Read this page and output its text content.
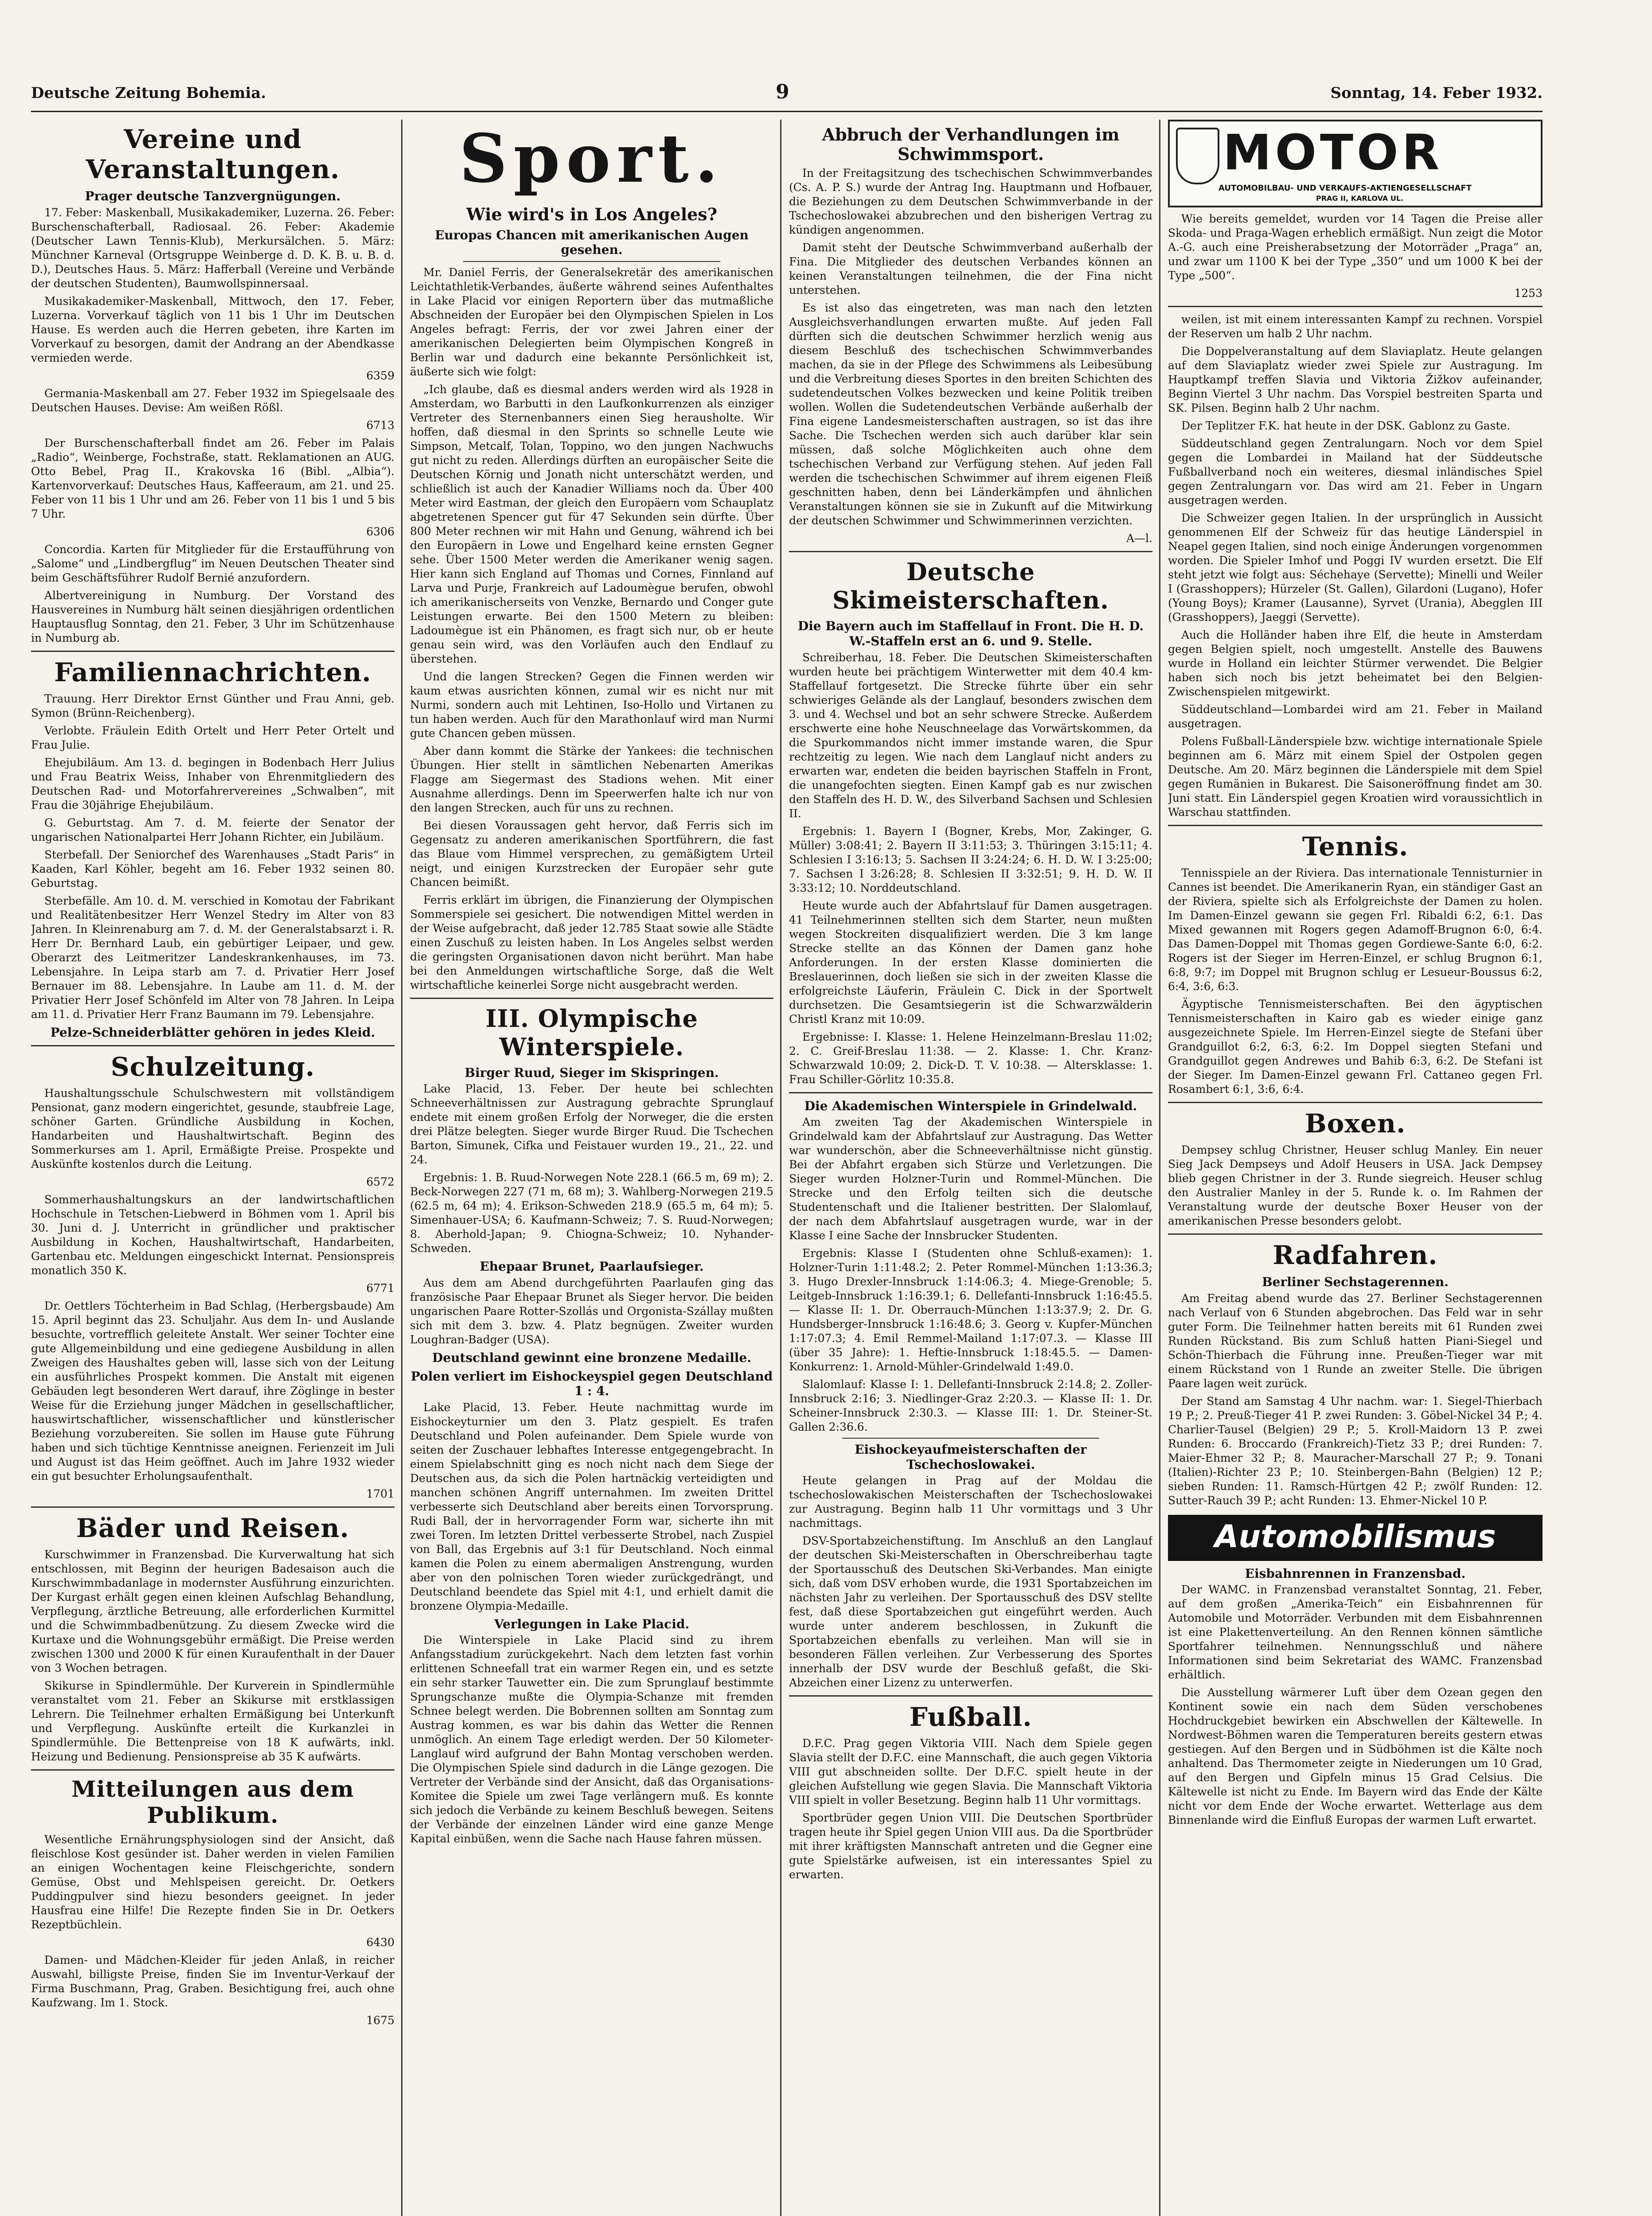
Deutsche Zeitung Bohemia.	9	Sonntag, 14. Feber 1932.
Vereine und Veranstaltungen.
Prager deutsche Tanzvergnügungen.

17. Feber: Maskenball, Musikakademiker, Luzerna. 26. Feber: Burschenschafterball, Radiosaal. 26. Feber: Akademie (Deutscher Lawn Tennis-Klub), Merkursälchen. 5. März: Münchner Karneval (Ortsgruppe Weinberge d. D. K. B. u. B. d. D.), Deutsches Haus. 5. März: Hafferball (Vereine und Verbände der deutschen Studenten), Baumwollspinnersaal.

Musikakademiker-Maskenball, Mittwoch, den 17. Feber, Luzerna. Vorverkauf täglich von 11 bis 1 Uhr im Deutschen Hause. Es werden auch die Herren gebeten, ihre Karten im Vorverkauf zu besorgen, damit der Andrang an der Abendkasse vermieden werde.

6359

Germania-Maskenball am 27. Feber 1932 im Spiegelsaale des Deutschen Hauses. Devise: Am weißen Rößl.

6713

Der Burschenschafterball findet am 26. Feber im Palais „Radio“, Weinberge, Fochstraße, statt. Reklamationen an AUG. Otto Bebel, Prag II., Krakovska 16 (Bibl. „Albia“). Kartenvorverkauf: Deutsches Haus, Kaffeeraum, am 21. und 25. Feber von 11 bis 1 Uhr und am 26. Feber von 11 bis 1 und 5 bis 7 Uhr.

6306

Concordia. Karten für Mitglieder für die Erstaufführung von „Salome“ und „Lindbergflug“ im Neuen Deutschen Theater sind beim Geschäftsführer Rudolf Bernié anzufordern.

Albertvereinigung in Numburg. Der Vorstand des Hausvereines in Numburg hält seinen diesjährigen ordentlichen Hauptausflug Sonntag, den 21. Feber, 3 Uhr im Schützenhause in Numburg ab.

Familiennachrichten.

Trauung. Herr Direktor Ernst Günther und Frau Anni, geb. Symon (Brünn-Reichenberg).

Verlobte. Fräulein Edith Ortelt und Herr Peter Ortelt und Frau Julie.

Ehejubiläum. Am 13. d. begingen in Bodenbach Herr Julius und Frau Beatrix Weiss, Inhaber von Ehrenmitgliedern des Deutschen Rad- und Motorfahrervereines „Schwalben“, mit Frau die 30jährige Ehejubiläum.

G. Geburtstag. Am 7. d. M. feierte der Senator der ungarischen Nationalpartei Herr Johann Richter, ein Jubiläum.

Sterbefall. Der Seniorchef des Warenhauses „Stadt Paris“ in Kaaden, Karl Köhler, begeht am 16. Feber 1932 seinen 80. Geburtstag.

Sterbefälle. Am 10. d. M. verschied in Komotau der Fabrikant und Realitätenbesitzer Herr Wenzel Stedry im Alter von 83 Jahren. In Kleinrenaburg am 7. d. M. der Generalstabsarzt i. R. Herr Dr. Bernhard Laub, ein gebürtiger Leipaer, und gew. Oberarzt des Leitmeritzer Landeskrankenhauses, im 73. Lebensjahre. In Leipa starb am 7. d. Privatier Herr Josef Bernauer im 88. Lebensjahre. In Laube am 11. d. M. der Privatier Herr Josef Schönfeld im Alter von 78 Jahren. In Leipa am 11. d. Privatier Herr Franz Baumann im 79. Lebensjahre.

Pelze-Schneiderblätter gehören in jedes Kleid.
Schulzeitung.

Haushaltungsschule Schulschwestern mit vollständigem Pensionat, ganz modern eingerichtet, gesunde, staubfreie Lage, schöner Garten. Gründliche Ausbildung in Kochen, Handarbeiten und Haushaltwirtschaft. Beginn des Sommerkurses am 1. April, Ermäßigte Preise. Prospekte und Auskünfte kostenlos durch die Leitung.

6572

Sommerhaushaltungskurs an der landwirtschaftlichen Hochschule in Tetschen-Liebwerd in Böhmen vom 1. April bis 30. Juni d. J. Unterricht in gründlicher und praktischer Ausbildung in Kochen, Haushaltwirtschaft, Handarbeiten, Gartenbau etc. Meldungen eingeschickt Internat. Pensionspreis monatlich 350 K.

6771

Dr. Oettlers Töchterheim in Bad Schlag, (Herbergsbaude) Am 15. April beginnt das 23. Schuljahr. Aus dem In- und Auslande besuchte, vortrefflich geleitete Anstalt. Wer seiner Tochter eine gute Allgemeinbildung und eine gediegene Ausbildung in allen Zweigen des Haushaltes geben will, lasse sich von der Leitung ein ausführliches Prospekt kommen. Die Anstalt mit eigenen Gebäuden legt besonderen Wert darauf, ihre Zöglinge in bester Weise für die Erziehung junger Mädchen in gesellschaftlicher, hauswirtschaftlicher, wissenschaftlicher und künstlerischer Beziehung vorzubereiten. Sie sollen im Hause gute Führung haben und sich tüchtige Kenntnisse aneignen. Ferienzeit im Juli und August ist das Heim geöffnet. Auch im Jahre 1932 wieder ein gut besuchter Erholungsaufenthalt.

1701

Bäder und Reisen.

Kurschwimmer in Franzensbad. Die Kurverwaltung hat sich entschlossen, mit Beginn der heurigen Badesaison auch die Kurschwimmbadanlage in modernster Ausführung einzurichten. Der Kurgast erhält gegen einen kleinen Aufschlag Behandlung, Verpflegung, ärztliche Betreuung, alle erforderlichen Kurmittel und die Schwimmbadbenützung. Zu diesem Zwecke wird die Kurtaxe und die Wohnungsgebühr ermäßigt. Die Preise werden zwischen 1300 und 2000 K für einen Kuraufenthalt in der Dauer von 3 Wochen betragen.

Skikurse in Spindlermühle. Der Kurverein in Spindlermühle veranstaltet vom 21. Feber an Skikurse mit erstklassigen Lehrern. Die Teilnehmer erhalten Ermäßigung bei Unterkunft und Verpflegung. Auskünfte erteilt die Kurkanzlei in Spindlermühle. Die Bettenpreise von 18 K aufwärts, inkl. Heizung und Bedienung. Pensionspreise ab 35 K aufwärts.

Mitteilungen aus dem Publikum.

Wesentliche Ernährungsphysiologen sind der Ansicht, daß fleischlose Kost gesünder ist. Daher werden in vielen Familien an einigen Wochentagen keine Fleischgerichte, sondern Gemüse, Obst und Mehlspeisen gereicht. Dr. Oetkers Puddingpulver sind hiezu besonders geeignet. In jeder Hausfrau eine Hilfe! Die Rezepte finden Sie in Dr. Oetkers Rezeptbüchlein.

6430

Damen- und Mädchen-Kleider für jeden Anlaß, in reicher Auswahl, billigste Preise, finden Sie im Inventur-Verkauf der Firma Buschmann, Prag, Graben. Besichtigung frei, auch ohne Kaufzwang. Im 1. Stock.

1675

Sport.
Wie wird's in Los Angeles?
Europas Chancen mit amerikanischen Augen gesehen.

Mr. Daniel Ferris, der Generalsekretär des amerikanischen Leichtathletik-Verbandes, äußerte während seines Aufenthaltes in Lake Placid vor einigen Reportern über das mutmaßliche Abschneiden der Europäer bei den Olympischen Spielen in Los Angeles befragt: Ferris, der vor zwei Jahren einer der amerikanischen Delegierten beim Olympischen Kongreß in Berlin war und dadurch eine bekannte Persönlichkeit ist, äußerte sich wie folgt:

„Ich glaube, daß es diesmal anders werden wird als 1928 in Amsterdam, wo Barbutti in den Laufkonkurrenzen als einziger Vertreter des Sternenbanners einen Sieg herausholte. Wir hoffen, daß diesmal in den Sprints so schnelle Leute wie Simpson, Metcalf, Tolan, Toppino, wo den jungen Nachwuchs gut nicht zu reden. Allerdings dürften an europäischer Seite die Deutschen Körnig und Jonath nicht unterschätzt werden, und schließlich ist auch der Kanadier Williams noch da. Über 400 Meter wird Eastman, der gleich den Europäern vom Schauplatz abgetretenen Spencer gut für 47 Sekunden sein dürfte. Über 800 Meter rechnen wir mit Hahn und Genung, während ich bei den Europäern in Lowe und Engelhard keine ernsten Gegner sehe. Über 1500 Meter werden die Amerikaner wenig sagen. Hier kann sich England auf Thomas und Cornes, Finnland auf Larva und Purje, Frankreich auf Ladoumègue berufen, obwohl ich amerikanischerseits von Venzke, Bernardo und Conger gute Leistungen erwarte. Bei den 1500 Metern zu bleiben: Ladoumègue ist ein Phänomen, es fragt sich nur, ob er heute genau sein wird, was den Vorläufen auch den Endlauf zu überstehen.

Und die langen Strecken? Gegen die Finnen werden wir kaum etwas ausrichten können, zumal wir es nicht nur mit Nurmi, sondern auch mit Lehtinen, Iso-Hollo und Virtanen zu tun haben werden. Auch für den Marathonlauf wird man Nurmi gute Chancen geben müssen.

Aber dann kommt die Stärke der Yankees: die technischen Übungen. Hier stellt in sämtlichen Nebenarten Amerikas Flagge am Siegermast des Stadions wehen. Mit einer Ausnahme allerdings. Denn im Speerwerfen halte ich nur von den langen Strecken, auch für uns zu rechnen.

Bei diesen Voraussagen geht hervor, daß Ferris sich im Gegensatz zu anderen amerikanischen Sportführern, die fast das Blaue vom Himmel versprechen, zu gemäßigtem Urteil neigt, und einigen Kurzstrecken der Europäer sehr gute Chancen beimißt.

Ferris erklärt im übrigen, die Finanzierung der Olympischen Sommerspiele sei gesichert. Die notwendigen Mittel werden in der Weise aufgebracht, daß jeder 12.785 Staat sowie alle Städte einen Zuschuß zu leisten haben. In Los Angeles selbst werden die geringsten Organisationen davon nicht berührt. Man habe bei den Anmeldungen wirtschaftliche Sorge, daß die Welt wirtschaftliche keinerlei Sorge nicht ausgebracht werden.

III. Olympische Winterspiele.
Birger Ruud, Sieger im Skispringen.

Lake Placid, 13. Feber. Der heute bei schlechten Schneeverhältnissen zur Austragung gebrachte Sprunglauf endete mit einem großen Erfolg der Norweger, die die ersten drei Plätze belegten. Sieger wurde Birger Ruud. Die Tschechen Barton, Simunek, Cifka und Feistauer wurden 19., 21., 22. und 24.

Ergebnis: 1. B. Ruud-Norwegen Note 228.1 (66.5 m, 69 m); 2. Beck-Norwegen 227 (71 m, 68 m); 3. Wahlberg-Norwegen 219.5 (62.5 m, 64 m); 4. Erikson-Schweden 218.9 (65.5 m, 64 m); 5. Simenhauer-USA; 6. Kaufmann-Schweiz; 7. S. Ruud-Norwegen; 8. Aberhold-Japan; 9. Chiogna-Schweiz; 10. Nyhander-Schweden.

Ehepaar Brunet, Paarlaufsieger.

Aus dem am Abend durchgeführten Paarlaufen ging das französische Paar Ehepaar Brunet als Sieger hervor. Die beiden ungarischen Paare Rotter-Szollás und Orgonista-Szállay mußten sich mit dem 3. bzw. 4. Platz begnügen. Zweiter wurden Loughran-Badger (USA).

Deutschland gewinnt eine bronzene Medaille.
Polen verliert im Eishockeyspiel gegen Deutschland 1 : 4.

Lake Placid, 13. Feber. Heute nachmittag wurde im Eishockeyturnier um den 3. Platz gespielt. Es trafen Deutschland und Polen aufeinander. Dem Spiele wurde von seiten der Zuschauer lebhaftes Interesse entgegengebracht. In einem Spielabschnitt ging es noch nicht nach dem Siege der Deutschen aus, da sich die Polen hartnäckig verteidigten und manchen schönen Angriff unternahmen. Im zweiten Drittel verbesserte sich Deutschland aber bereits einen Torvorsprung. Rudi Ball, der in hervorragender Form war, sicherte ihn mit zwei Toren. Im letzten Drittel verbesserte Strobel, nach Zuspiel von Ball, das Ergebnis auf 3:1 für Deutschland. Noch einmal kamen die Polen zu einem abermaligen Anstrengung, wurden aber von den polnischen Toren wieder zurückgedrängt, und Deutschland beendete das Spiel mit 4:1, und erhielt damit die bronzene Olympia-Medaille.

Verlegungen in Lake Placid.

Die Winterspiele in Lake Placid sind zu ihrem Anfangsstadium zurückgekehrt. Nach dem letzten fast vorhin erlittenen Schneefall trat ein warmer Regen ein, und es setzte ein sehr starker Tauwetter ein. Die zum Sprunglauf bestimmte Sprungschanze mußte die Olympia-Schanze mit fremden Schnee belegt werden. Die Bobrennen sollten am Sonntag zum Austrag kommen, es war bis dahin das Wetter die Rennen unmöglich. An einem Tage erledigt werden. Der 50 Kilometer-Langlauf wird aufgrund der Bahn Montag verschoben werden. Die Olympischen Spiele sind dadurch in die Länge gezogen. Die Vertreter der Verbände sind der Ansicht, daß das Organisations-Komitee die Spiele um zwei Tage verlängern muß. Es konnte sich jedoch die Verbände zu keinem Beschluß bewegen. Seitens der Verbände der einzelnen Länder wird eine ganze Menge Kapital einbüßen, wenn die Sache nach Hause fahren müssen.

Abbruch der Verhandlungen im Schwimmsport.

In der Freitagsitzung des tschechischen Schwimmverbandes (Cs. A. P. S.) wurde der Antrag Ing. Hauptmann und Hofbauer, die Beziehungen zu dem Deutschen Schwimmverbande in der Tschechoslowakei abzubrechen und den bisherigen Vertrag zu kündigen angenommen.

Damit steht der Deutsche Schwimmverband außerhalb der Fina. Die Mitglieder des deutschen Verbandes können an keinen Veranstaltungen teilnehmen, die der Fina nicht unterstehen.

Es ist also das eingetreten, was man nach den letzten Ausgleichsverhandlungen erwarten mußte. Auf jeden Fall dürften sich die deutschen Schwimmer herzlich wenig aus diesem Beschluß des tschechischen Schwimmverbandes machen, da sie in der Pflege des Schwimmens als Leibesübung und die Verbreitung dieses Sportes in den breiten Schichten des sudetendeutschen Volkes bezwecken und keine Politik treiben wollen. Wollen die Sudetendeutschen Verbände außerhalb der Fina eigene Landesmeisterschaften austragen, so ist das ihre Sache. Die Tschechen werden sich auch darüber klar sein müssen, daß solche Möglichkeiten auch ohne dem tschechischen Verband zur Verfügung stehen. Auf jeden Fall werden die tschechischen Schwimmer auf ihrem eigenen Fleiß geschnitten haben, denn bei Länderkämpfen und ähnlichen Veranstaltungen können sie sie in Zukunft auf die Mitwirkung der deutschen Schwimmer und Schwimmerinnen verzichten.

A—l.

Deutsche Skimeisterschaften.
Die Bayern auch im Staffellauf in Front. Die H. D. W.-Staffeln erst an 6. und 9. Stelle.

Schreiberhau, 18. Feber. Die Deutschen Skimeisterschaften wurden heute bei prächtigem Winterwetter mit dem 40.4 km-Staffellauf fortgesetzt. Die Strecke führte über ein sehr schwieriges Gelände als der Langlauf, besonders zwischen dem 3. und 4. Wechsel und bot an sehr schwere Strecke. Außerdem erschwerte eine hohe Neuschneelage das Vorwärtskommen, da die Spurkommandos nicht immer imstande waren, die Spur rechtzeitig zu legen. Wie nach dem Langlauf nicht anders zu erwarten war, endeten die beiden bayrischen Staffeln in Front, die unangefochten siegten. Einen Kampf gab es nur zwischen den Staffeln des H. D. W., des Silverband Sachsen und Schlesien II.

Ergebnis: 1. Bayern I (Bogner, Krebs, Mor, Zakinger, G. Müller) 3:08:41; 2. Bayern II 3:11:53; 3. Thüringen 3:15:11; 4. Schlesien I 3:16:13; 5. Sachsen II 3:24:24; 6. H. D. W. I 3:25:00; 7. Sachsen I 3:26:28; 8. Schlesien II 3:32:51; 9. H. D. W. II 3:33:12; 10. Norddeutschland.

Heute wurde auch der Abfahrtslauf für Damen ausgetragen. 41 Teilnehmerinnen stellten sich dem Starter, neun mußten wegen Stockreiten disqualifiziert werden. Die 3 km lange Strecke stellte an das Können der Damen ganz hohe Anforderungen. In der ersten Klasse dominierten die Breslauerinnen, doch ließen sie sich in der zweiten Klasse die erfolgreichste Läuferin, Fräulein C. Dick in der Sportwelt durchsetzen. Die Gesamtsiegerin ist die Schwarzwälderin Christl Kranz mit 10:09.

Ergebnisse: I. Klasse: 1. Helene Heinzelmann-Breslau 11:02; 2. C. Greif-Breslau 11:38. — 2. Klasse: 1. Chr. Kranz-Schwarzwald 10:09; 2. Dick-D. T. V. 10:38. — Altersklasse: 1. Frau Schiller-Görlitz 10:35.8.

Die Akademischen Winterspiele in Grindelwald.

Am zweiten Tag der Akademischen Winterspiele in Grindelwald kam der Abfahrtslauf zur Austragung. Das Wetter war wunderschön, aber die Schneeverhältnisse nicht günstig. Bei der Abfahrt ergaben sich Stürze und Verletzungen. Die Sieger wurden Holzner-Turin und Rommel-München. Die Strecke und den Erfolg teilten sich die deutsche Studentenschaft und die Italiener bestritten. Der Slalomlauf, der nach dem Abfahrtslauf ausgetragen wurde, war in der Klasse I eine Sache der Innsbrucker Studenten.

Ergebnis: Klasse I (Studenten ohne Schluß-examen): 1. Holzner-Turin 1:11:48.2; 2. Peter Rommel-München 1:13:36.3; 3. Hugo Drexler-Innsbruck 1:14:06.3; 4. Miege-Grenoble; 5. Leitgeb-Innsbruck 1:16:39.1; 6. Dellefanti-Innsbruck 1:16:45.5. — Klasse II: 1. Dr. Oberrauch-München 1:13:37.9; 2. Dr. G. Hundsberger-Innsbruck 1:16:48.6; 3. Georg v. Kupfer-München 1:17:07.3; 4. Emil Remmel-Mailand 1:17:07.3. — Klasse III (über 35 Jahre): 1. Heftie-Innsbruck 1:18:45.5. — Damen-Konkurrenz: 1. Arnold-Mühler-Grindelwald 1:49.0.

Slalomlauf: Klasse I: 1. Dellefanti-Innsbruck 2:14.8; 2. Zoller-Innsbruck 2:16; 3. Niedlinger-Graz 2:20.3. — Klasse II: 1. Dr. Scheiner-Innsbruck 2:30.3. — Klasse III: 1. Dr. Steiner-St. Gallen 2:36.6.

Eishockeyaufmeisterschaften der Tschechoslowakei.

Heute gelangen in Prag auf der Moldau die tschechoslowakischen Meisterschaften der Tschechoslowakei zur Austragung. Beginn halb 11 Uhr vormittags und 3 Uhr nachmittags.

DSV-Sportabzeichenstiftung. Im Anschluß an den Langlauf der deutschen Ski-Meisterschaften in Oberschreiberhau tagte der Sportausschuß des Deutschen Ski-Verbandes. Man einigte sich, daß vom DSV erhoben wurde, die 1931 Sportabzeichen im nächsten Jahr zu verleihen. Der Sportausschuß des DSV stellte fest, daß diese Sportabzeichen gut eingeführt werden. Auch wurde unter anderem beschlossen, in Zukunft die Sportabzeichen ebenfalls zu verleihen. Man will sie in besonderen Fällen verleihen. Zur Verbesserung des Sportes innerhalb der DSV wurde der Beschluß gefaßt, die Ski-Abzeichen einer Lizenz zu unterwerfen.

Fußball.

D.F.C. Prag gegen Viktoria VIII. Nach dem Spiele gegen Slavia stellt der D.F.C. eine Mannschaft, die auch gegen Viktoria VIII gut abschneiden sollte. Der D.F.C. spielt heute in der gleichen Aufstellung wie gegen Slavia. Die Mannschaft Viktoria VIII spielt in voller Besetzung. Beginn halb 11 Uhr vormittags.

Sportbrüder gegen Union VIII. Die Deutschen Sportbrüder tragen heute ihr Spiel gegen Union VIII aus. Da die Sportbrüder mit ihrer kräftigsten Mannschaft antreten und die Gegner eine gute Spielstärke aufweisen, ist ein interessantes Spiel zu erwarten.

MOTOR
AUTOMOBILBAU- UND VERKAUFS-AKTIENGESELLSCHAFT
PRAG II, KARLOVA UL.

Wie bereits gemeldet, wurden vor 14 Tagen die Preise aller Skoda- und Praga-Wagen erheblich ermäßigt. Nun zeigt die Motor A.-G. auch eine Preisherabsetzung der Motorräder „Praga“ an, und zwar um 1100 K bei der Type „350“ und um 1000 K bei der Type „500“.

1253

weilen, ist mit einem interessanten Kampf zu rechnen. Vorspiel der Reserven um halb 2 Uhr nachm.

Die Doppelveranstaltung auf dem Slaviaplatz. Heute gelangen auf dem Slaviaplatz wieder zwei Spiele zur Austragung. Im Hauptkampf treffen Slavia und Viktoria Žižkov aufeinander, Beginn Viertel 3 Uhr nachm. Das Vorspiel bestreiten Sparta und SK. Pilsen. Beginn halb 2 Uhr nachm.

Der Teplitzer F.K. hat heute in der DSK. Gablonz zu Gaste.

Süddeutschland gegen Zentralungarn. Noch vor dem Spiel gegen die Lombardei in Mailand hat der Süddeutsche Fußballverband noch ein weiteres, diesmal inländisches Spiel gegen Zentralungarn vor. Das wird am 21. Feber in Ungarn ausgetragen werden.

Die Schweizer gegen Italien. In der ursprünglich in Aussicht genommenen Elf der Schweiz für das heutige Länderspiel in Neapel gegen Italien, sind noch einige Änderungen vorgenommen worden. Die Spieler Imhof und Poggi IV wurden ersetzt. Die Elf steht jetzt wie folgt aus: Séchehaye (Servette); Minelli und Weiler I (Grasshoppers); Hürzeler (St. Gallen), Gilardoni (Lugano), Hofer (Young Boys); Kramer (Lausanne), Syrvet (Urania), Abegglen III (Grasshoppers), Jaeggi (Servette).

Auch die Holländer haben ihre Elf, die heute in Amsterdam gegen Belgien spielt, noch umgestellt. Anstelle des Bauwens wurde in Holland ein leichter Stürmer verwendet. Die Belgier haben sich noch bis jetzt beheimatet bei den Belgien-Zwischenspielen mitgewirkt.

Süddeutschland—Lombardei wird am 21. Feber in Mailand ausgetragen.

Polens Fußball-Länderspiele bzw. wichtige internationale Spiele beginnen am 6. März mit einem Spiel der Ostpolen gegen Deutsche. Am 20. März beginnen die Länderspiele mit dem Spiel gegen Rumänien in Bukarest. Die Saisoneröffnung findet am 30. Juni statt. Ein Länderspiel gegen Kroatien wird voraussichtlich in Warschau stattfinden.

Tennis.

Tennisspiele an der Riviera. Das internationale Tennisturnier in Cannes ist beendet. Die Amerikanerin Ryan, ein ständiger Gast an der Riviera, spielte sich als Erfolgreichste der Damen zu holen. Im Damen-Einzel gewann sie gegen Frl. Ribaldi 6:2, 6:1. Das Mixed gewannen mit Rogers gegen Adamoff-Brugnon 6:0, 6:4. Das Damen-Doppel mit Thomas gegen Gordiewe-Sante 6:0, 6:2. Rogers ist der Sieger im Herren-Einzel, er schlug Brugnon 6:1, 6:8, 9:7; im Doppel mit Brugnon schlug er Lesueur-Boussus 6:2, 6:4, 3:6, 6:3.

Ägyptische Tennismeisterschaften. Bei den ägyptischen Tennismeisterschaften in Kairo gab es wieder einige ganz ausgezeichnete Spiele. Im Herren-Einzel siegte de Stefani über Grandguillot 6:2, 6:3, 6:2. Im Doppel siegten Stefani und Grandguillot gegen Andrewes und Bahib 6:3, 6:2. De Stefani ist der Sieger. Im Damen-Einzel gewann Frl. Cattaneo gegen Frl. Rosambert 6:1, 3:6, 6:4.

Boxen.

Dempsey schlug Christner, Heuser schlug Manley. Ein neuer Sieg Jack Dempseys und Adolf Heusers in USA. Jack Dempsey blieb gegen Christner in der 3. Runde siegreich. Heuser schlug den Australier Manley in der 5. Runde k. o. Im Rahmen der Veranstaltung wurde der deutsche Boxer Heuser von der amerikanischen Presse besonders gelobt.

Radfahren.
Berliner Sechstagerennen.

Am Freitag abend wurde das 27. Berliner Sechstagerennen nach Verlauf von 6 Stunden abgebrochen. Das Feld war in sehr guter Form. Die Teilnehmer hatten bereits mit 61 Runden zwei Runden Rückstand. Bis zum Schluß hatten Piani-Siegel und Schön-Thierbach die Führung inne. Preußen-Tieger war mit einem Rückstand von 1 Runde an zweiter Stelle. Die übrigen Paare lagen weit zurück.

Der Stand am Samstag 4 Uhr nachm. war: 1. Siegel-Thierbach 19 P.; 2. Preuß-Tieger 41 P. zwei Runden: 3. Göbel-Nickel 34 P.; 4. Charlier-Tausel (Belgien) 29 P.; 5. Kroll-Maidorn 13 P. zwei Runden: 6. Broccardo (Frankreich)-Tietz 33 P.; drei Runden: 7. Maier-Ehmer 32 P.; 8. Mauracher-Marschall 27 P.; 9. Tonani (Italien)-Richter 23 P.; 10. Steinbergen-Bahn (Belgien) 12 P.; sieben Runden: 11. Ramsch-Hürtgen 42 P.; zwölf Runden: 12. Sutter-Rauch 39 P.; acht Runden: 13. Ehmer-Nickel 10 P.

Automobilismus
Eisbahnrennen in Franzensbad.

Der WAMC. in Franzensbad veranstaltet Sonntag, 21. Feber, auf dem großen „Amerika-Teich“ ein Eisbahnrennen für Automobile und Motorräder. Verbunden mit dem Eisbahnrennen ist eine Plakettenverteilung. An den Rennen können sämtliche Sportfahrer teilnehmen. Nennungsschluß und nähere Informationen sind beim Sekretariat des WAMC. Franzensbad erhältlich.

Die Ausstellung wärmerer Luft über dem Ozean gegen den Kontinent sowie ein nach dem Süden verschobenes Hochdruckgebiet bewirken ein Abschwellen der Kältewelle. In Nordwest-Böhmen waren die Temperaturen bereits gestern etwas gestiegen. Auf den Bergen und in Südböhmen ist die Kälte noch anhaltend. Das Thermometer zeigte in Niederungen um 10 Grad, auf den Bergen und Gipfeln minus 15 Grad Celsius. Die Kältewelle ist nicht zu Ende. Im Bayern wird das Ende der Kälte nicht vor dem Ende der Woche erwartet. Wetterlage aus dem Binnenlande wird die Einfluß Europas der warmen Luft erwartet.
